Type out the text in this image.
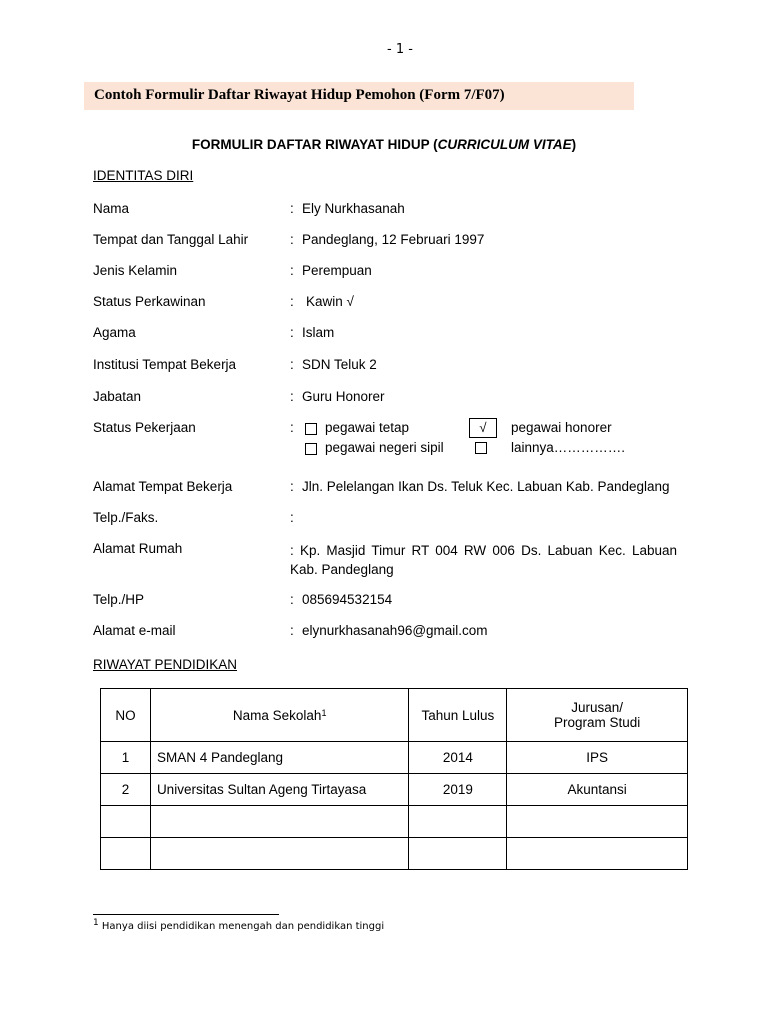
- 1 -
Contoh Formulir Daftar Riwayat Hidup Pemohon (Form 7/F07)
FORMULIR DAFTAR RIWAYAT HIDUP (CURRICULUM VITAE)
IDENTITAS DIRI
Nama	: Ely Nurkhasanah
Tempat dan Tanggal Lahir	: Pandeglang, 12 Februari 1997
Jenis Kelamin	: Perempuan
Status Perkawinan	: Kawin √
Agama	: Islam
Institusi Tempat Bekerja	: SDN Teluk 2
Jabatan	: Guru Honorer
Status Pekerjaan	: pegawai tetap	√	pegawai honorer
pegawai negeri sipil	lainnya…………….
Alamat Tempat Bekerja	: Jln. Pelelangan Ikan Ds. Teluk Kec. Labuan Kab. Pandeglang
Telp./Faks.	:
Alamat Rumah	: Kp. Masjid Timur RT 004 RW 006 Ds. Labuan Kec. Labuan Kab. Pandeglang
Telp./HP	: 085694532154
Alamat e-mail	: elynurkhasanah96@gmail.com
RIWAYAT PENDIDIKAN
NO	Nama Sekolah$^1$	Tahun Lulus	Jurusan/
Program Studi

1	SMAN 4 Pandeglang	2014	IPS
2	Universitas Sultan Ageng Tirtayasa	2019	Akuntansi

$^1$ Hanya diisi pendidikan menengah dan pendidikan tinggi
